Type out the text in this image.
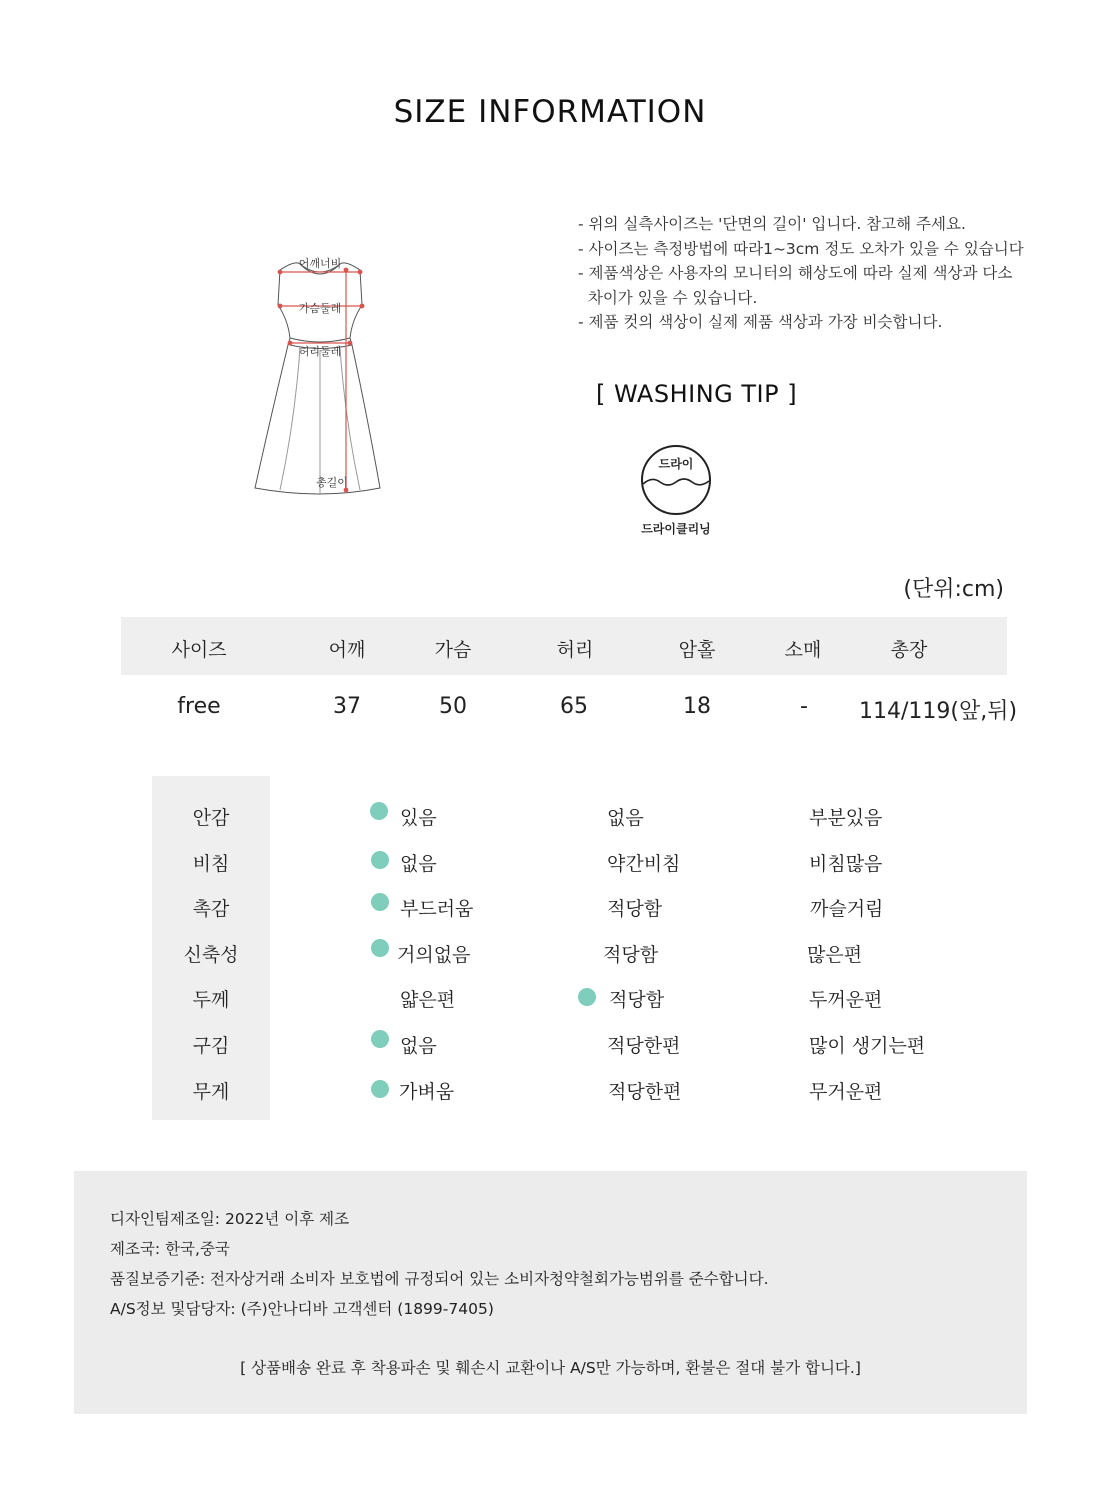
SIZE INFORMATION
어깨너비
가슴둘레
허리둘레
총길이
- 위의 실측사이즈는 '단면의 길이' 입니다. 참고해 주세요.
- 사이즈는 측정방법에 따라1~3cm 정도 오차가 있을 수 있습니다
- 제품색상은 사용자의 모니터의 해상도에 따라 실제 색상과 다소
차이가 있을 수 있습니다.
- 제품 컷의 색상이 실제 제품 색상과 가장 비슷합니다.
[ WASHING TIP ]
드라이
드라이클리닝
(단위:cm)
사이즈	어깨	가슴	허리	암홀	소매	총장
free	37	50	65	18	-	114/119(앞,뒤)
안감	있음	없음	부분있음
비침	없음	약간비침	비침많음
촉감	부드러움	적당함	까슬거림
신축성	거의없음	적당함	많은편
두께	얇은편	적당함	두꺼운편
구김	없음	적당한편	많이 생기는편
무게	가벼움	적당한편	무거운편
디자인팀제조일: 2022년 이후 제조
제조국: 한국,중국
품질보증기준: 전자상거래 소비자 보호법에 규정되어 있는 소비자청약철회가능범위를 준수합니다.
A/S정보 및담당자: (주)안나디바 고객센터 (1899-7405)
[ 상품배송 완료 후 착용파손 및 훼손시 교환이나 A/S만 가능하며, 환불은 절대 불가 합니다.]
